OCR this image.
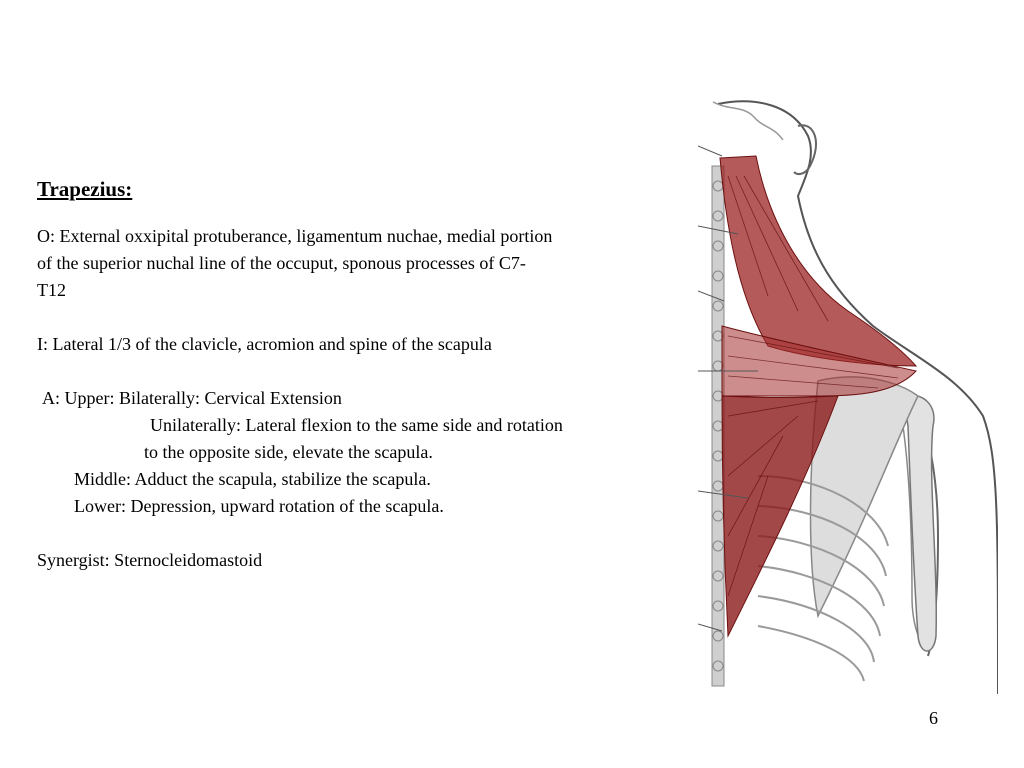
Trapezius:
O: External oxxipital protuberance, ligamentum nuchae, medial portion
of the superior nuchal line of the occuput, sponous processes of C7-
T12
I: Lateral 1/3 of the clavicle, acromion and spine of the scapula
A: Upper: Bilaterally: Cervical Extension
Unilaterally: Lateral flexion to the same side and rotation
to the opposite side, elevate the scapula.
Middle: Adduct the scapula, stabilize the scapula.
Lower: Depression, upward rotation of the scapula.
Synergist: Sternocleidomastoid
6
